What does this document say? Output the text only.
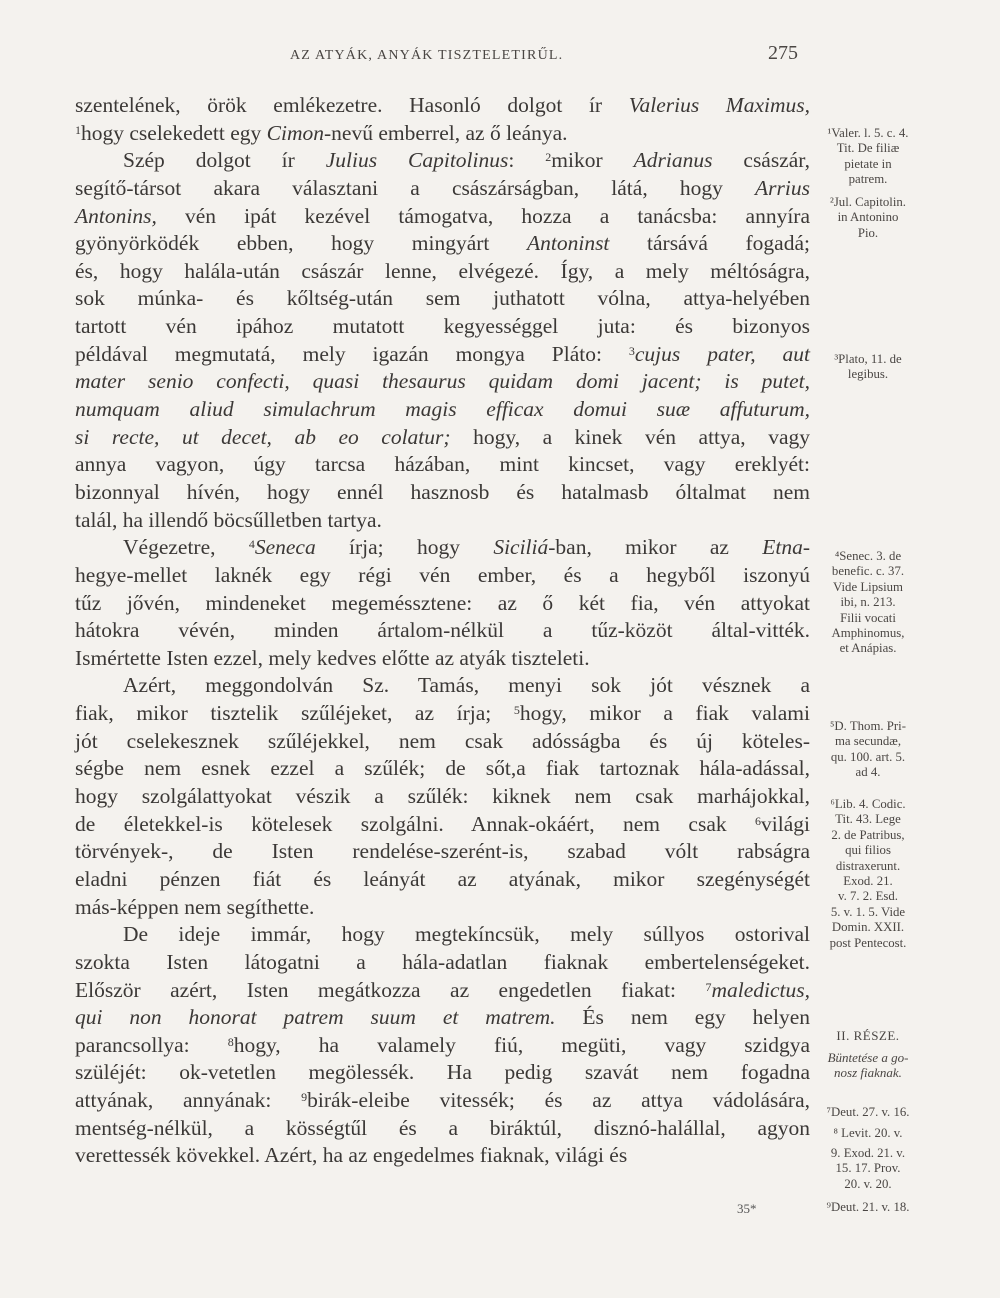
AZ ATYÁK, ANYÁK TISZTELETIRŰL.	275
szentelének, örök emlékezetre. Hasonló dolgot ír Valerius Maximus,
$^1$hogy cselekedett egy Cimon-nevű emberrel, az ő leánya.
Szép dolgot ír Julius Capitolinus: $^2$mikor Adrianus császár,
segítő-társot akara választani a császárságban, látá, hogy Arrius
Antonins, vén ipát kezével támogatva, hozza a tanácsba: annyíra
gyönyörködék ebben, hogy mingyárt Antoninst társává fogadá;
és, hogy halála-után császár lenne, elvégezé. Így, a mely méltóságra,
sok múnka- és kőltség-után sem juthatott vólna, attya-helyében
tartott vén ipához mutatott kegyességgel juta: és bizonyos
példával megmutatá, mely igazán mongya Pláto: $^3$cujus pater, aut
mater senio confecti, quasi thesaurus quidam domi jacent; is putet,
numquam aliud simulachrum magis efficax domui suæ affuturum,
si recte, ut decet, ab eo colatur; hogy, a kinek vén attya, vagy
annya vagyon, úgy tarcsa házában, mint kincset, vagy ereklyét:
bizonnyal hívén, hogy ennél hasznosb és hatalmasb óltalmat nem
talál, ha illendő böcsűlletben tartya.
Végezetre, $^4$Seneca írja; hogy Siciliá-ban, mikor az Etna-
hegye-mellet laknék egy régi vén ember, és a hegyből iszonyú
tűz jővén, mindeneket megeméssztene: az ő két fia, vén attyokat
hátokra vévén, minden ártalom-nélkül a tűz-közöt által-vitték.
Ismértette Isten ezzel, mely kedves előtte az atyák tiszteleti.
Azért, meggondolván Sz. Tamás, menyi sok jót vésznek a
fiak, mikor tisztelik szűléjeket, az írja; $^5$hogy, mikor a fiak valami
jót cselekesznek szűléjekkel, nem csak adósságba és új köteles-
ségbe nem esnek ezzel a szűlék; de sőt,a fiak tartoznak hála-adással,
hogy szolgálattyokat vészik a szűlék: kiknek nem csak marhájokkal,
de életekkel-is kötelesek szolgálni. Annak-okáért, nem csak $^6$világi
törvények-, de Isten rendelése-szerént-is, szabad vólt rabságra
eladni pénzen fiát és leányát az atyának, mikor szegénységét
más-képpen nem segíthette.
De ideje immár, hogy megtekíncsük, mely súllyos ostorival
szokta Isten látogatni a hála-adatlan fiaknak embertelenségeket.
Először azért, Isten megátkozza az engedetlen fiakat: $^7$maledictus,
qui non honorat patrem suum et matrem. És nem egy helyen
parancsollya: $^8$hogy, ha valamely fiú, megüti, vagy szidgya
szüléjét: ok-vetetlen megölessék. Ha pedig szavát nem fogadna
attyának, annyának: $^9$birák-eleibe vitessék; és az attya vádolására,
mentség-nélkül, a kösségtűl és a biráktúl, disznó-halállal, agyon
verettessék kövekkel. Azért, ha az engedelmes fiaknak, világi és
¹Valer. l. 5. c. 4.
Tit. De filiæ
pietate in
patrem.
²Jul. Capitolin.
in Antonino
Pio.
³Plato, 11. de
legibus.
⁴Senec. 3. de
benefic. c. 37.
Vide Lipsium
ibi, n. 213.
Filii vocati
Amphinomus,
et Anápias.
⁵D. Thom. Pri-
ma secundæ,
qu. 100. art. 5.
ad 4.
⁶Lib. 4. Codic.
Tit. 43. Lege
2. de Patribus,
qui filios
distraxerunt.
Exod. 21.
v. 7. 2. Esd.
5. v. 1. 5. Vide
Domin. XXII.
post Pentecost.
II. RÉSZE.
Büntetése a go-
nosz fiaknak.
⁷Deut. 27. v. 16.
⁸ Levit. 20. v.
9. Exod. 21. v.
15. 17. Prov.
20. v. 20.
⁹Deut. 21. v. 18.
35*
